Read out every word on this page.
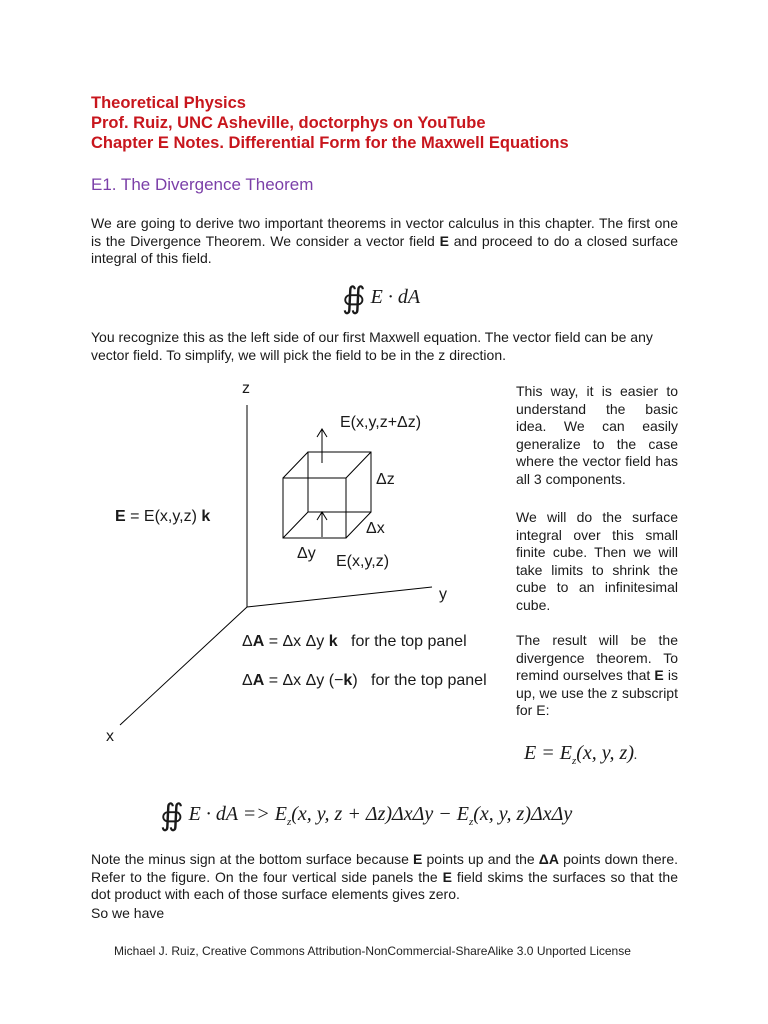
Theoretical Physics
Prof. Ruiz, UNC Asheville, doctorphys on YouTube
Chapter E Notes. Differential Form for the Maxwell Equations
E1. The Divergence Theorem
We are going to derive two important theorems in vector calculus in this chapter. The first one is the Divergence Theorem. We consider a vector field E and proceed to do a closed surface integral of this field.
∯ E · dA
You recognize this as the left side of our first Maxwell equation. The vector field can be any vector field. To simplify, we will pick the field to be in the z direction.
z
y
x
E(x,y,z+Δz)
Δz
Δx
Δy E(x,y,z)
E = E(x,y,z) k
ΔA = Δx Δy k   for the top panel
ΔA = Δx Δy (−k)   for the top panel
This way, it is easier to understand the basic idea. We can easily generalize to the case where the vector field has all 3 components.
We will do the surface integral over this small finite cube. Then we will take limits to shrink the cube to an infinitesimal cube.
The result will be the divergence theorem. To remind ourselves that E is up, we use the z subscript for E:
$E = E_z(x$, y, z).
∯ E · dA => $E_z(x$, y, $z + \Delta z)\Delta x\Delta y - E_z(x$, y, z)ΔxΔy
Note the minus sign at the bottom surface because E points up and the ΔA points down there. Refer to the figure. On the four vertical side panels the E field skims the surfaces so that the dot product with each of those surface elements gives zero.
So we have
Michael J. Ruiz, Creative Commons Attribution-NonCommercial-ShareAlike 3.0 Unported License
